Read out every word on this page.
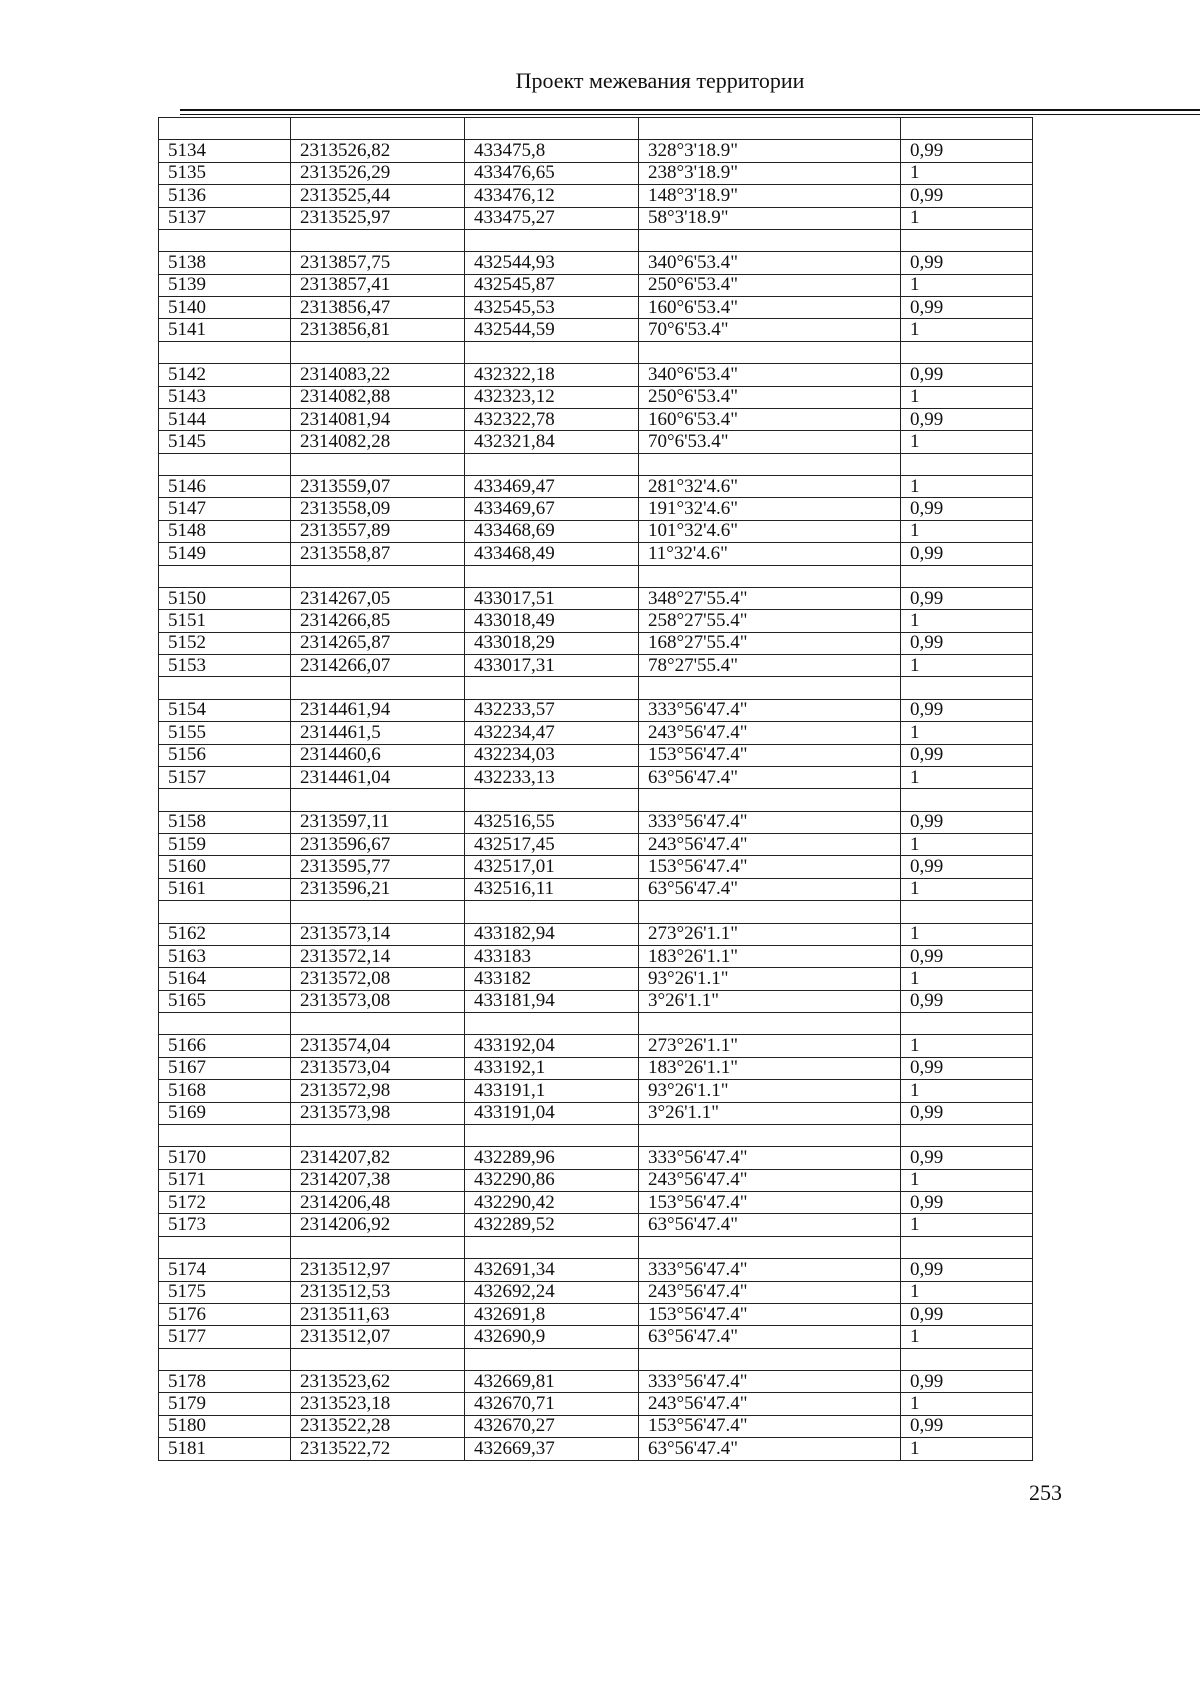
Проект межевания территории

5134	2313526,82	433475,8	328°3'18.9"	0,99
5135	2313526,29	433476,65	238°3'18.9"	1
5136	2313525,44	433476,12	148°3'18.9"	0,99
5137	2313525,97	433475,27	58°3'18.9"	1

5138	2313857,75	432544,93	340°6'53.4"	0,99
5139	2313857,41	432545,87	250°6'53.4"	1
5140	2313856,47	432545,53	160°6'53.4"	0,99
5141	2313856,81	432544,59	70°6'53.4"	1

5142	2314083,22	432322,18	340°6'53.4"	0,99
5143	2314082,88	432323,12	250°6'53.4"	1
5144	2314081,94	432322,78	160°6'53.4"	0,99
5145	2314082,28	432321,84	70°6'53.4"	1

5146	2313559,07	433469,47	281°32'4.6"	1
5147	2313558,09	433469,67	191°32'4.6"	0,99
5148	2313557,89	433468,69	101°32'4.6"	1
5149	2313558,87	433468,49	11°32'4.6"	0,99

5150	2314267,05	433017,51	348°27'55.4"	0,99
5151	2314266,85	433018,49	258°27'55.4"	1
5152	2314265,87	433018,29	168°27'55.4"	0,99
5153	2314266,07	433017,31	78°27'55.4"	1

5154	2314461,94	432233,57	333°56'47.4"	0,99
5155	2314461,5	432234,47	243°56'47.4"	1
5156	2314460,6	432234,03	153°56'47.4"	0,99
5157	2314461,04	432233,13	63°56'47.4"	1

5158	2313597,11	432516,55	333°56'47.4"	0,99
5159	2313596,67	432517,45	243°56'47.4"	1
5160	2313595,77	432517,01	153°56'47.4"	0,99
5161	2313596,21	432516,11	63°56'47.4"	1

5162	2313573,14	433182,94	273°26'1.1"	1
5163	2313572,14	433183	183°26'1.1"	0,99
5164	2313572,08	433182	93°26'1.1"	1
5165	2313573,08	433181,94	3°26'1.1"	0,99

5166	2313574,04	433192,04	273°26'1.1"	1
5167	2313573,04	433192,1	183°26'1.1"	0,99
5168	2313572,98	433191,1	93°26'1.1"	1
5169	2313573,98	433191,04	3°26'1.1"	0,99

5170	2314207,82	432289,96	333°56'47.4"	0,99
5171	2314207,38	432290,86	243°56'47.4"	1
5172	2314206,48	432290,42	153°56'47.4"	0,99
5173	2314206,92	432289,52	63°56'47.4"	1

5174	2313512,97	432691,34	333°56'47.4"	0,99
5175	2313512,53	432692,24	243°56'47.4"	1
5176	2313511,63	432691,8	153°56'47.4"	0,99
5177	2313512,07	432690,9	63°56'47.4"	1

5178	2313523,62	432669,81	333°56'47.4"	0,99
5179	2313523,18	432670,71	243°56'47.4"	1
5180	2313522,28	432670,27	153°56'47.4"	0,99
5181	2313522,72	432669,37	63°56'47.4"	1
253
